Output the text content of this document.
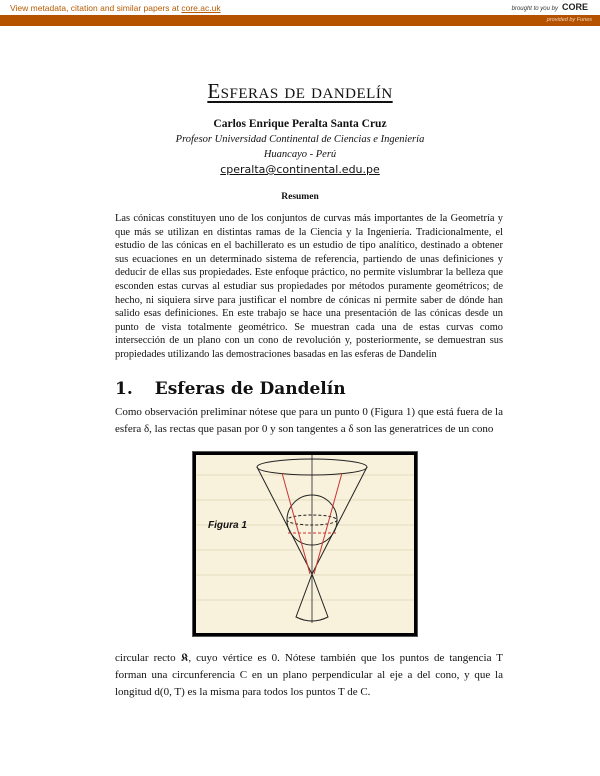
View metadata, citation and similar papers at core.ac.uk	brought to you by CORE
provided by Funes
Esferas de dandelín
Carlos Enrique Peralta Santa Cruz
Profesor Universidad Continental de Ciencias e Ingeniería
Huancayo - Perú
cperalta@continental.edu.pe
Resumen
Las cónicas constituyen uno de los conjuntos de curvas más importantes de la Geometría y que más se utilizan en distintas ramas de la Ciencia y la Ingeniería. Tradicionalmente, el estudio de las cónicas en el bachillerato es un estudio de tipo analítico, destinado a obtener sus ecuaciones en un determinado sistema de referencia, partiendo de unas definiciones y deducir de ellas sus propiedades. Este enfoque práctico, no permite vislumbrar la belleza que esconden estas curvas al estudiar sus propiedades por métodos puramente geométricos; de hecho, ni siquiera sirve para justificar el nombre de cónicas ni permite saber de dónde han salido esas definiciones. En este trabajo se hace una presentación de las cónicas desde un punto de vista totalmente geométrico. Se muestran cada una de estas curvas como intersección de un plano con un cono de revolución y, posteriormente, se demuestran sus propiedades utilizando las demostraciones basadas en las esferas de Dandelin
1. Esferas de Dandelín
Como observación preliminar nótese que para un punto 0 (Figura 1) que está fuera de la esfera δ, las rectas que pasan por 0 y son tangentes a δ son las generatrices de un cono
Figura 1
circular recto 𝕶, cuyo vértice es 0. Nótese también que los puntos de tangencia T forman una circunferencia C en un plano perpendicular al eje a del cono, y que la longitud d(0, T) es la misma para todos los puntos T de C.
